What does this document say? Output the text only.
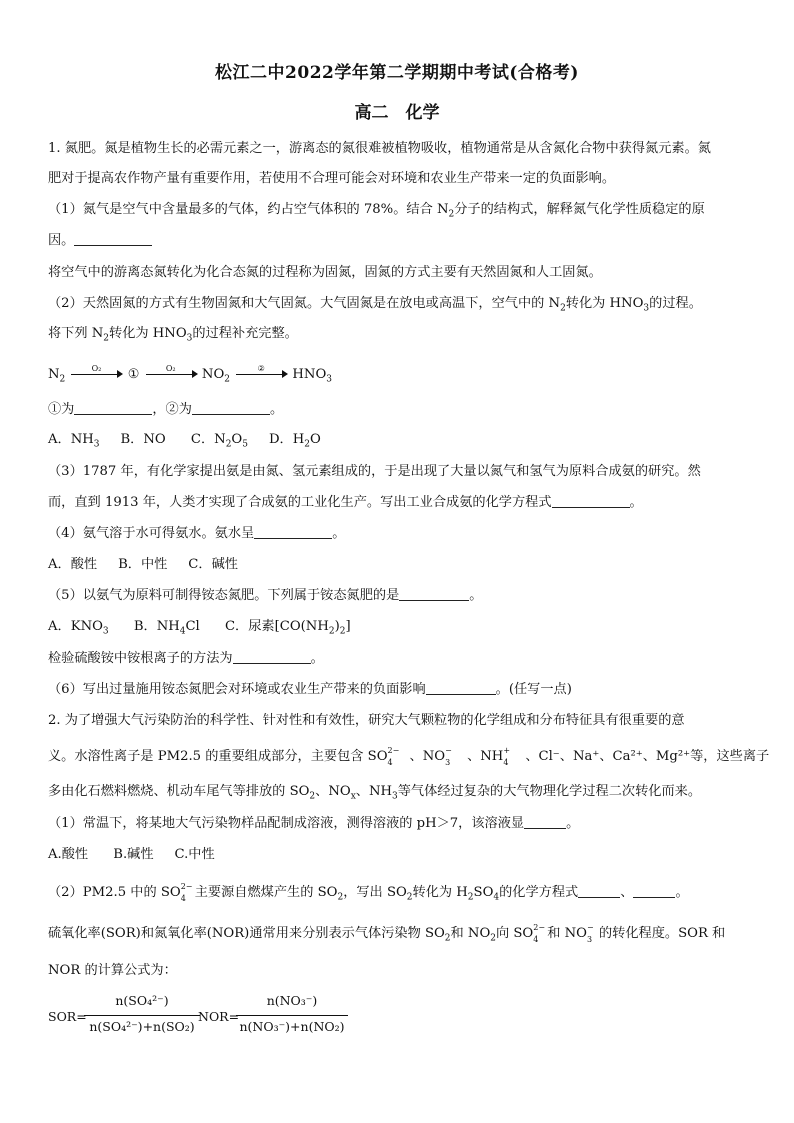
松江二中2022学年第二学期期中考试(合格考)
高二　化学
1. 氮肥。氮是植物生长的必需元素之一，游离态的氮很难被植物吸收，植物通常是从含氮化合物中获得氮元素。氮
肥对于提高农作物产量有重要作用，若使用不合理可能会对环境和农业生产带来一定的负面影响。
（1）氮气是空气中含量最多的气体，约占空气体积的 78%。结合 $N_2$分子的结构式，解释氮气化学性质稳定的原
因。
将空气中的游离态氮转化为化合态氮的过程称为固氮，固氮的方式主要有天然固氮和人工固氮。
（2）天然固氮的方式有生物固氮和大气固氮。大气固氮是在放电或高温下，空气中的 $N_2$转化为 $HNO_3$的过程。
将下列 $N_2$转化为 $HNO_3$的过程补充完整。
$N_2$
O₂	①	O₂	$NO_2$
②	$HNO_3$
①为	，②为	。
A．$NH_3$ B．NO C．$N_2O_5$ D．$H_2O$
（3）1787 年，有化学家提出氨是由氮、氢元素组成的，于是出现了大量以氮气和氢气为原料合成氨的研究。然
而，直到 1913 年，人类才实现了合成氨的工业化生产。写出工业合成氨的化学方程式	。
（4）氨气溶于水可得氨水。氨水呈	。
A．酸性 B．中性 C．碱性
（5）以氨气为原料可制得铵态氮肥。下列属于铵态氮肥的是	。
A．$KNO_3$ B．$NH_4Cl$ C．尿素$[CO(NH_2)_2]$
检验硫酸铵中铵根离子的方法为	。
（6）写出过量施用铵态氮肥会对环境或农业生产带来的负面影响	。(任写一点)
2. 为了增强大气污染防治的科学性、针对性和有效性，研究大气颗粒物的化学组成和分布特征具有很重要的意
义。水溶性离子是 PM2.5 的重要组成部分，主要包含 SO 2−
4 、NO −
3 、NH +
4 、Cl⁻、Na⁺、Ca²⁺、Mg²⁺等，这些离子
多由化石燃料燃烧、机动车尾气等排放的 $SO_2$、$NO_x$、$NH_3$等气体经过复杂的大气物理化学过程二次转化而来。
（1）常温下，将某地大气污染物样品配制成溶液，测得溶液的 pH＞7，该溶液显	。
A.酸性 B.碱性 C.中性
（2）PM2.5 中的 SO 2−
4 主要源自燃煤产生的 $SO_2$，写出 $SO_2$转化为 $H_2SO_4$的化学方程式	、	。
硫氧化率(SOR)和氮氧化率(NOR)通常用来分别表示气体污染物 $SO_2$和 $NO_2$向 SO 2−
4 和 NO −
3 的转化程度。SOR 和
NOR 的计算公式为：
SOR=
n(SO₄²⁻)
n(SO₄²⁻)+n(SO₂)
NOR=
n(NO₃⁻)
n(NO₃⁻)+n(NO₂)
